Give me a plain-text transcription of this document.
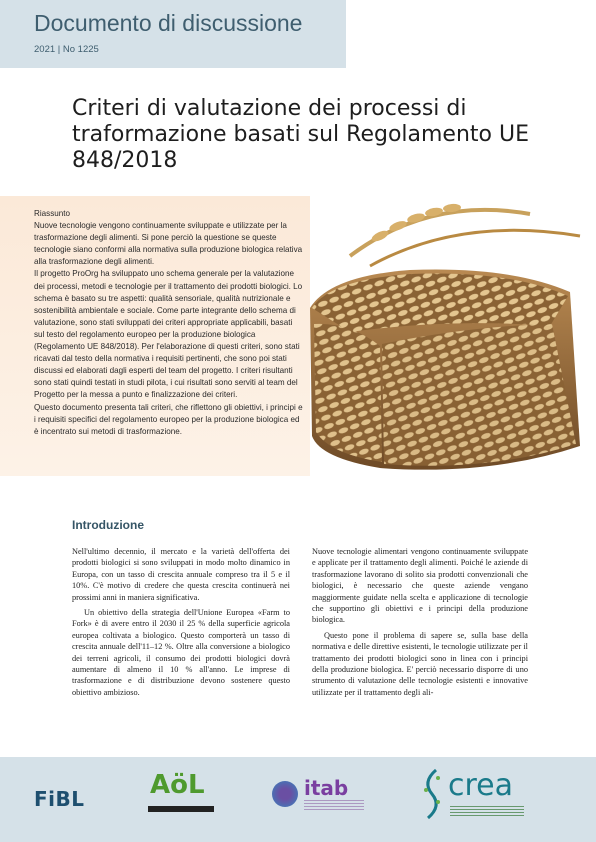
Documento di discussione
2021 | No 1225
Criteri di valutazione dei processi di traformazione basati sul Regolamento UE 848/2018

Riassunto

Nuove tecnologie vengono continuamente sviluppate e utilizzate per la trasformazione degli alimenti. Si pone perciò la questione se queste tecnologie siano conformi alla normativa sulla produzione biologica relativa alla trasformazione degli alimenti.

Il progetto ProOrg ha sviluppato uno schema generale per la valutazione dei processi, metodi e tecnologie per il trattamento dei prodotti biologici. Lo schema è basato su tre aspetti: qualità sensoriale, qualità nutrizionale e sostenibilità ambientale e sociale. Come parte integrante dello schema di valutazione, sono stati sviluppati dei criteri appropriate applicabili, basati sul testo del regolamento europeo per la produzione biologica (Regolamento UE 848/2018). Per l'elaborazione di questi criteri, sono stati ricavati dal testo della normativa i requisiti pertinenti, che sono poi stati discussi ed elaborati dagli esperti del team del progetto. I criteri risultanti sono stati quindi testati in studi pilota, i cui risultati sono serviti al team del Progetto per la messa a punto e finalizzazione dei criteri.

Questo documento presenta tali criteri, che riflettono gli obiettivi, i principi e i requisiti specifici del regolamento europeo per la produzione biologica ed è incentrato sui metodi di trasformazione.

Introduzione

Nell'ultimo decennio, il mercato e la varietà dell'offerta dei prodotti biologici si sono sviluppati in modo molto dinamico in Europa, con un tasso di crescita annuale compreso tra il 5 e il 10%. C'è motivo di credere che questa crescita continuerà nei prossimi anni in maniera significativa.

Un obiettivo della strategia dell'Unione Europea «Farm to Fork» è di avere entro il 2030 il 25 % della superficie agricola europea coltivata a biologico. Questo comporterà un tasso di crescita annuale dell'11–12 %. Oltre alla conversione a biologico dei terreni agricoli, il consumo dei prodotti biologici dovrà aumentare di almeno il 10 % all'anno. Le imprese di trasformazione e di distribuzione devono sostenere questo obiettivo ambizioso.

Nuove tecnologie alimentari vengono continuamente sviluppate e applicate per il trattamento degli alimenti. Poiché le aziende di trasformazione lavorano di solito sia prodotti convenzionali che biologici, è necessario che queste aziende vengano maggiormente guidate nella scelta e applicazione di tecnologie che supportino gli obiettivi e i principi della produzione biologica.

Questo pone il problema di sapere se, sulla base della normativa e delle direttive esistenti, le tecnologie utilizzate per il trattamento dei prodotti biologici sono in linea con i principi della produzione biologica. E' perciò necessario disporre di uno strumento di valutazione delle tecnologie esistenti e innovative utilizzate per il trattamento degli ali-

FiBL	AöL	itab	crea
